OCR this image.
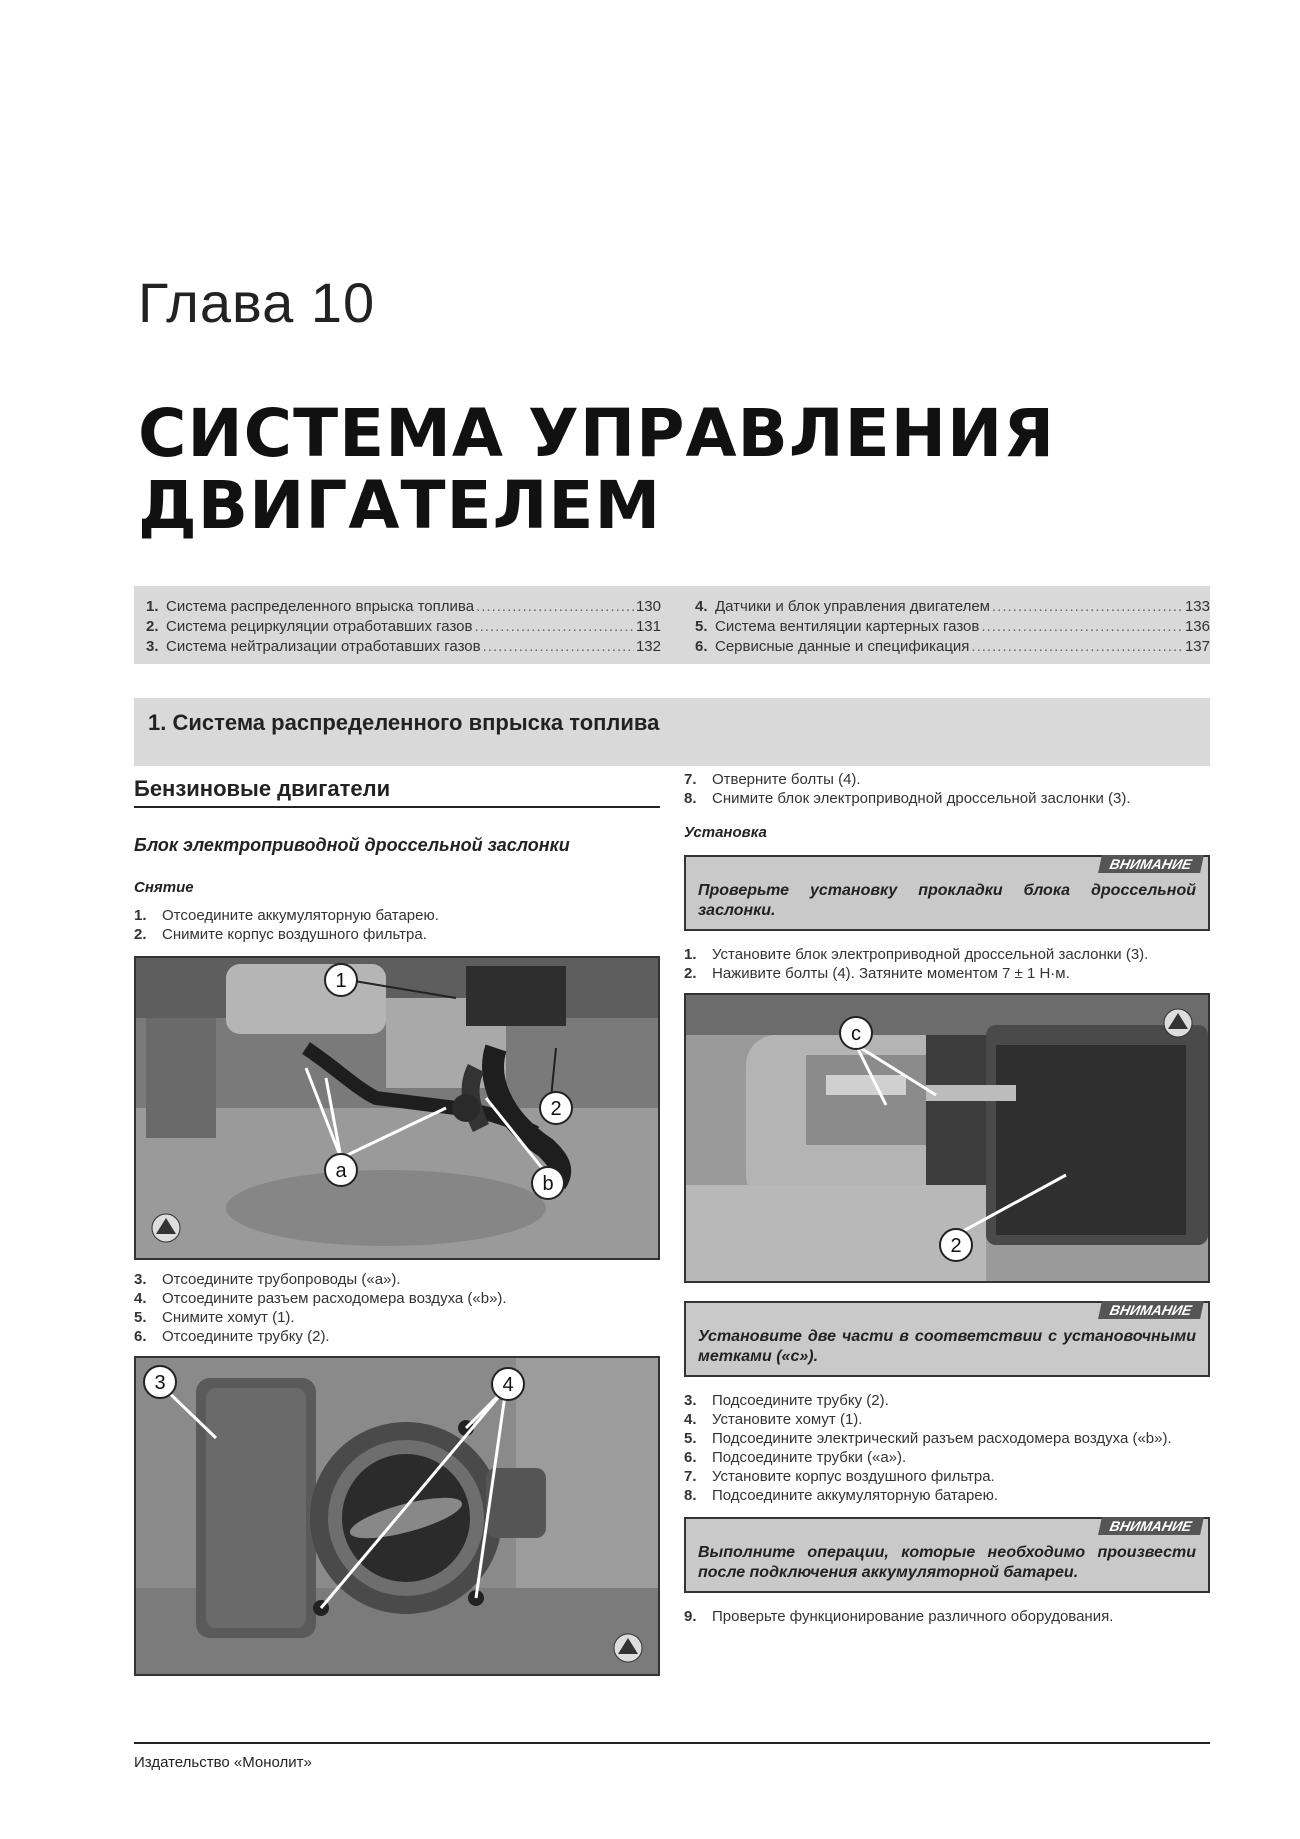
Глава 10
СИСТЕМА УПРАВЛЕНИЯ
ДВИГАТЕЛЕМ
1. Система распределенного впрыска топлива .....	130
2. Система рециркуляции отработавших газов .....	131
3. Система нейтрализации отработавших газов .....	132
4. Датчики и блок управления двигателем .....	133
5. Система вентиляции картерных газов .....	136
6. Сервисные данные и спецификация .....	137
1. Система распределенного впрыска топлива
Бензиновые двигатели
Блок электроприводной дроссельной заслонки
Снятие
1.	Отсоедините аккумуляторную батарею.
2.	Снимите корпус воздушного фильтра.
1
2
a
b
3.	Отсоедините трубопроводы («a»).
4.	Отсоедините разъем расходомера воздуха («b»).
5.	Снимите хомут (1).
6.	Отсоедините трубку (2).
3	4
7.	Отверните болты (4).
8.	Снимите блок электроприводной дроссельной заслонки (3).
Установка
ВНИМАНИЕ
Проверьте установку прокладки блока дроссельной заслонки.
1.	Установите блок электроприводной дроссельной заслонки (3).
2.	Наживите болты (4). Затяните моментом 7 ± 1 Н·м.
c
2
ВНИМАНИЕ
Установите две части в соответствии с установочными метками («c»).
3.	Подсоедините трубку (2).
4.	Установите хомут (1).
5.	Подсоедините электрический разъем расходомера воздуха («b»).
6.	Подсоедините трубки («a»).
7.	Установите корпус воздушного фильтра.
8.	Подсоедините аккумуляторную батарею.
ВНИМАНИЕ
Выполните операции, которые необходимо произвести после подключения аккумуляторной батареи.
9.	Проверьте функционирование различного оборудования.
Издательство «Монолит»
